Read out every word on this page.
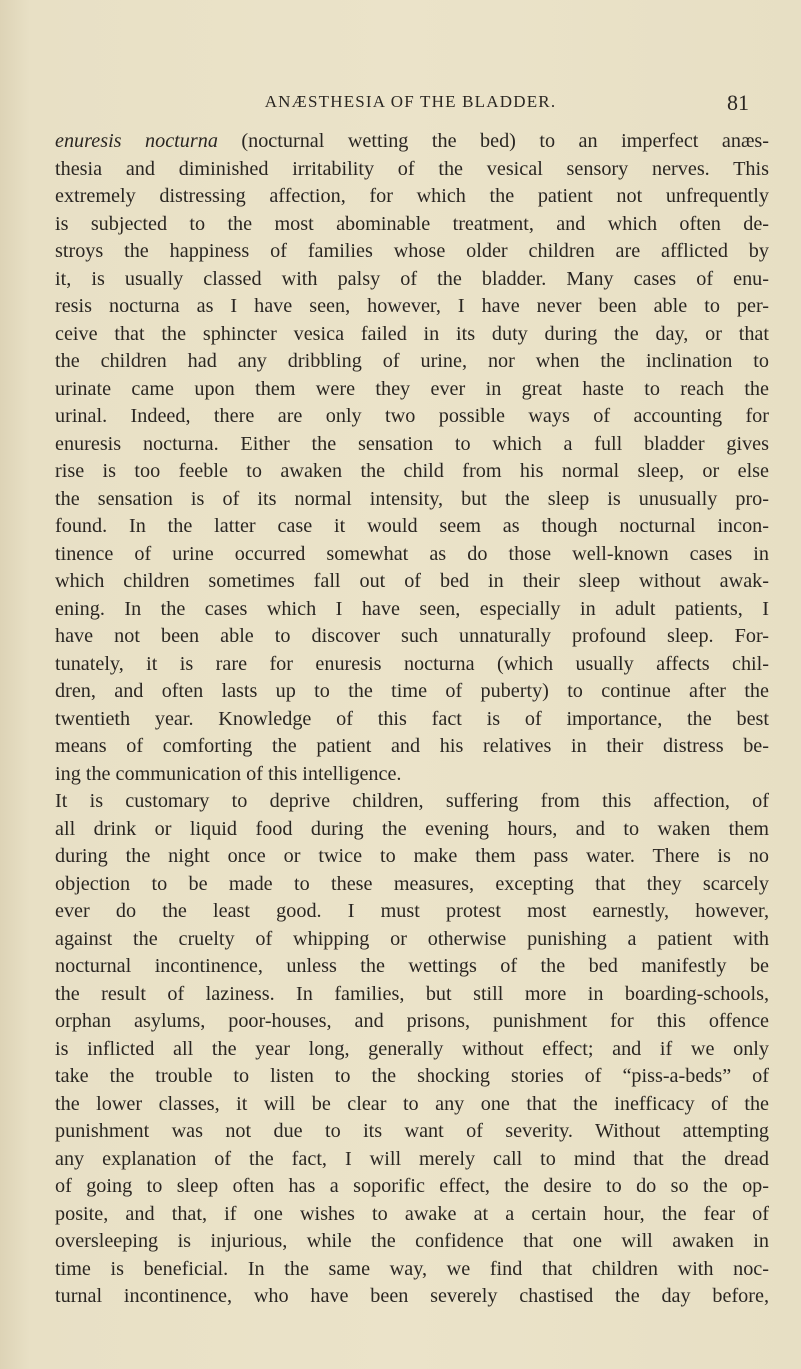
ANÆSTHESIA OF THE BLADDER.	81
enuresis nocturna (nocturnal wetting the bed) to an imperfect anæs-
thesia and diminished irritability of the vesical sensory nerves. This
extremely distressing affection, for which the patient not unfrequently
is subjected to the most abominable treatment, and which often de-
stroys the happiness of families whose older children are afflicted by
it, is usually classed with palsy of the bladder. Many cases of enu-
resis nocturna as I have seen, however, I have never been able to per-
ceive that the sphincter vesica failed in its duty during the day, or that
the children had any dribbling of urine, nor when the inclination to
urinate came upon them were they ever in great haste to reach the
urinal. Indeed, there are only two possible ways of accounting for
enuresis nocturna. Either the sensation to which a full bladder gives
rise is too feeble to awaken the child from his normal sleep, or else
the sensation is of its normal intensity, but the sleep is unusually pro-
found. In the latter case it would seem as though nocturnal incon-
tinence of urine occurred somewhat as do those well-known cases in
which children sometimes fall out of bed in their sleep without awak-
ening. In the cases which I have seen, especially in adult patients, I
have not been able to discover such unnaturally profound sleep. For-
tunately, it is rare for enuresis nocturna (which usually affects chil-
dren, and often lasts up to the time of puberty) to continue after the
twentieth year. Knowledge of this fact is of importance, the best
means of comforting the patient and his relatives in their distress be-
ing the communication of this intelligence.
It is customary to deprive children, suffering from this affection, of
all drink or liquid food during the evening hours, and to waken them
during the night once or twice to make them pass water. There is no
objection to be made to these measures, excepting that they scarcely
ever do the least good. I must protest most earnestly, however,
against the cruelty of whipping or otherwise punishing a patient with
nocturnal incontinence, unless the wettings of the bed manifestly be
the result of laziness. In families, but still more in boarding-schools,
orphan asylums, poor-houses, and prisons, punishment for this offence
is inflicted all the year long, generally without effect; and if we only
take the trouble to listen to the shocking stories of “piss-a-beds” of
the lower classes, it will be clear to any one that the inefficacy of the
punishment was not due to its want of severity. Without attempting
any explanation of the fact, I will merely call to mind that the dread
of going to sleep often has a soporific effect, the desire to do so the op-
posite, and that, if one wishes to awake at a certain hour, the fear of
oversleeping is injurious, while the confidence that one will awaken in
time is beneficial. In the same way, we find that children with noc-
turnal incontinence, who have been severely chastised the day before,
